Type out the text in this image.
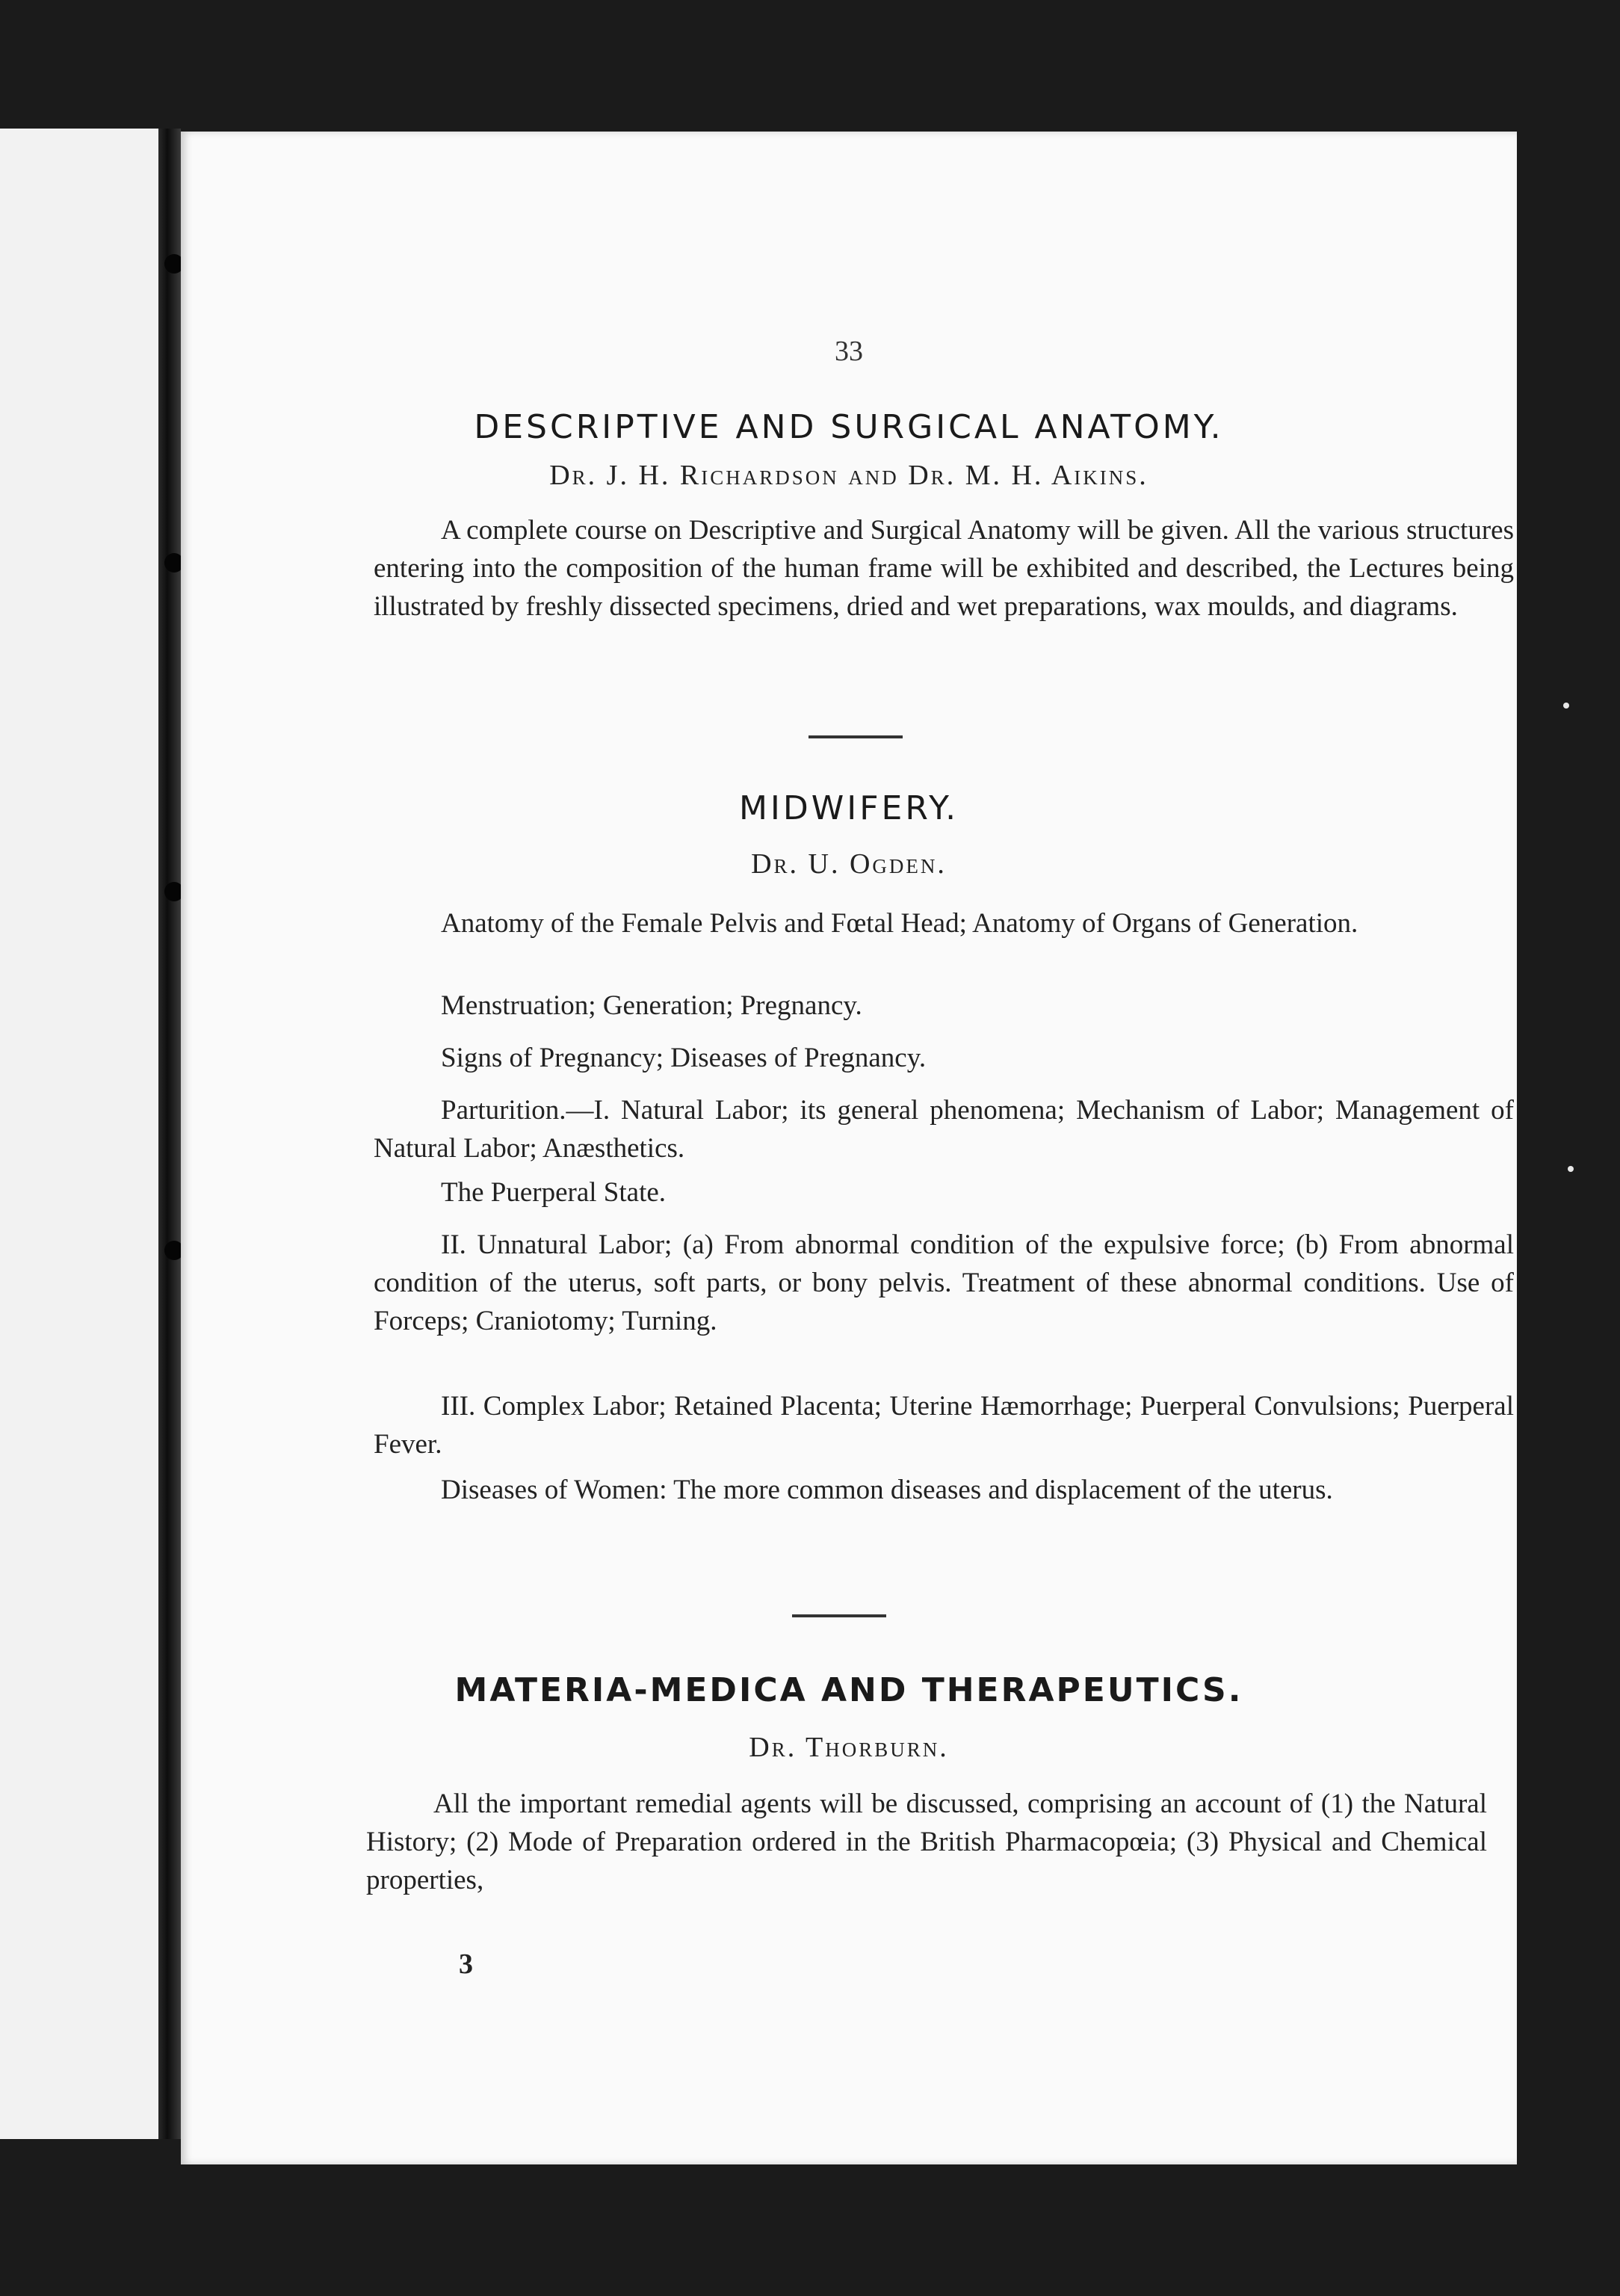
33
DESCRIPTIVE AND SURGICAL ANATOMY.
Dr. J. H. Richardson and Dr. M. H. Aikins.

A complete course on Descriptive and Surgical Anatomy will be given. All the various structures entering into the composition of the human frame will be exhibited and described, the Lectures being illustrated by freshly dissected specimens, dried and wet preparations, wax moulds, and diagrams.

MIDWIFERY.
Dr. U. Ogden.

Anatomy of the Female Pelvis and Fœtal Head; Anatomy of Organs of Generation.

Menstruation; Generation; Pregnancy.

Signs of Pregnancy; Diseases of Pregnancy.

Parturition.—I. Natural Labor; its general phenomena; Mechanism of Labor; Management of Natural Labor; Anæsthetics.

The Puerperal State.

II. Unnatural Labor; (a) From abnormal condition of the expulsive force; (b) From abnormal condition of the uterus, soft parts, or bony pelvis. Treatment of these abnormal conditions. Use of Forceps; Craniotomy; Turning.

III. Complex Labor; Retained Placenta; Uterine Hæmorrhage; Puerperal Convulsions; Puerperal Fever.

Diseases of Women: The more common diseases and displacement of the uterus.

MATERIA-MEDICA AND THERAPEUTICS.
Dr. Thorburn.

All the important remedial agents will be discussed, comprising an account of (1) the Natural History; (2) Mode of Preparation ordered in the British Pharmacopœia; (3) Physical and Chemical properties,

3
